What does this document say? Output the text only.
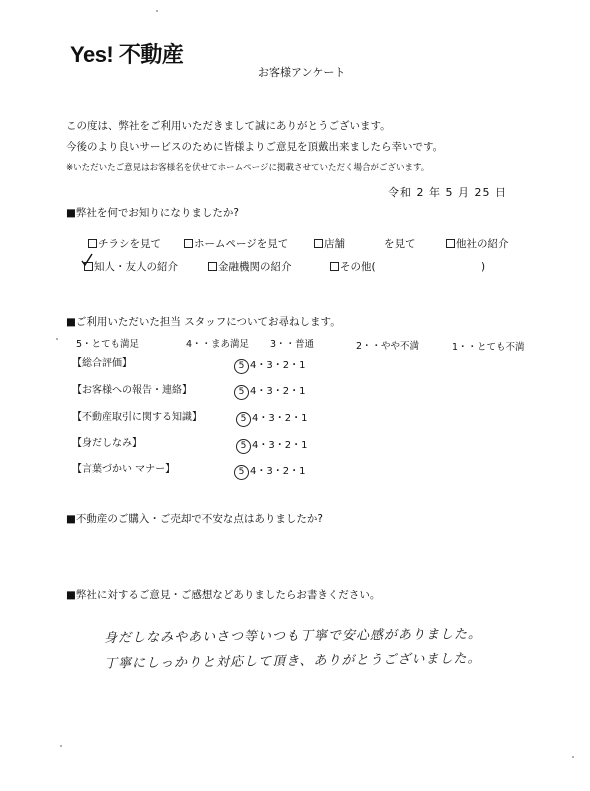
Yes! 不動産
お客様アンケート
この度は、弊社をご利用いただきまして誠にありがとうございます。
今後のより良いサービスのために皆様よりご意見を頂戴出来ましたら幸いです。
※いただいたご意見はお客様名を伏せてホームページに掲載させていただく場合がございます。
令和 2 年 5 月 25 日
■弊社を何でお知りになりましたか?
チラシを見て	ホームページを見て	店舗	を見て	他社の紹介
知人・友人の紹介	金融機関の紹介	その他(	)
■ご利用いただいた担当 スタッフについてお尋ねします。
5・とても満足	4・・まあ満足 3・・普通	2・・やや不満	1・・とても不満
【総合評価】	5 4・3・2・1
【お客様への報告・連絡】	5 4・3・2・1
【不動産取引に関する知識】	5 4・3・2・1
【身だしなみ】	5 4・3・2・1
【言葉づかい マナー】	5 4・3・2・1
■不動産のご購入・ご売却で不安な点はありましたか?
■弊社に対するご意見・ご感想などありましたらお書きください。
身だしなみやあいさつ等いつも丁寧で安心感がありました。
丁寧にしっかりと対応して頂き、ありがとうございました。
